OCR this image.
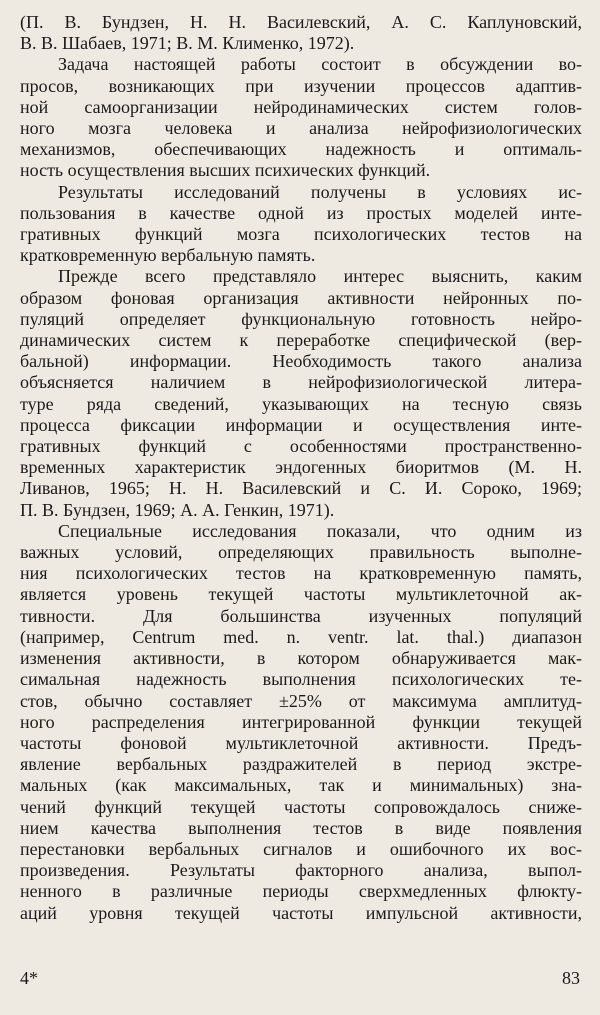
(П. В. Бундзен, Н. Н. Василевский, А. С. Каплуновский,
В. В. Шабаев, 1971; В. М. Клименко, 1972).
Задача настоящей работы состоит в обсуждении во-
просов, возникающих при изучении процессов адаптив-
ной самоорганизации нейродинамических систем голов-
ного мозга человека и анализа нейрофизиологических
механизмов, обеспечивающих надежность и оптималь-
ность осуществления высших психических функций.
Результаты исследований получены в условиях ис-
пользования в качестве одной из простых моделей инте-
гративных функций мозга психологических тестов на
кратковременную вербальную память.
Прежде всего представляло интерес выяснить, каким
образом фоновая организация активности нейронных по-
пуляций определяет функциональную готовность нейро-
динамических систем к переработке специфической (вер-
бальной) информации. Необходимость такого анализа
объясняется наличием в нейрофизиологической литера-
туре ряда сведений, указывающих на тесную связь
процесса фиксации информации и осуществления инте-
гративных функций с особенностями пространственно-
временных характеристик эндогенных биоритмов (М. Н.
Ливанов, 1965; Н. Н. Василевский и С. И. Сороко, 1969;
П. В. Бундзен, 1969; А. А. Генкин, 1971).
Специальные исследования показали, что одним из
важных условий, определяющих правильность выполне-
ния психологических тестов на кратковременную память,
является уровень текущей частоты мультиклеточной ак-
тивности. Для большинства изученных популяций
(например, Centrum med. n. ventr. lat. thal.) диапазон
изменения активности, в котором обнаруживается мак-
симальная надежность выполнения психологических те-
стов, обычно составляет ±25% от максимума амплитуд-
ного распределения интегрированной функции текущей
частоты фоновой мультиклеточной активности. Предъ-
явление вербальных раздражителей в период экстре-
мальных (как максимальных, так и минимальных) зна-
чений функций текущей частоты сопровождалось сниже-
нием качества выполнения тестов в виде появления
перестановки вербальных сигналов и ошибочного их вос-
произведения. Результаты факторного анализа, выпол-
ненного в различные периоды сверхмедленных флюкту-
аций уровня текущей частоты импульсной активности,
4*	83
